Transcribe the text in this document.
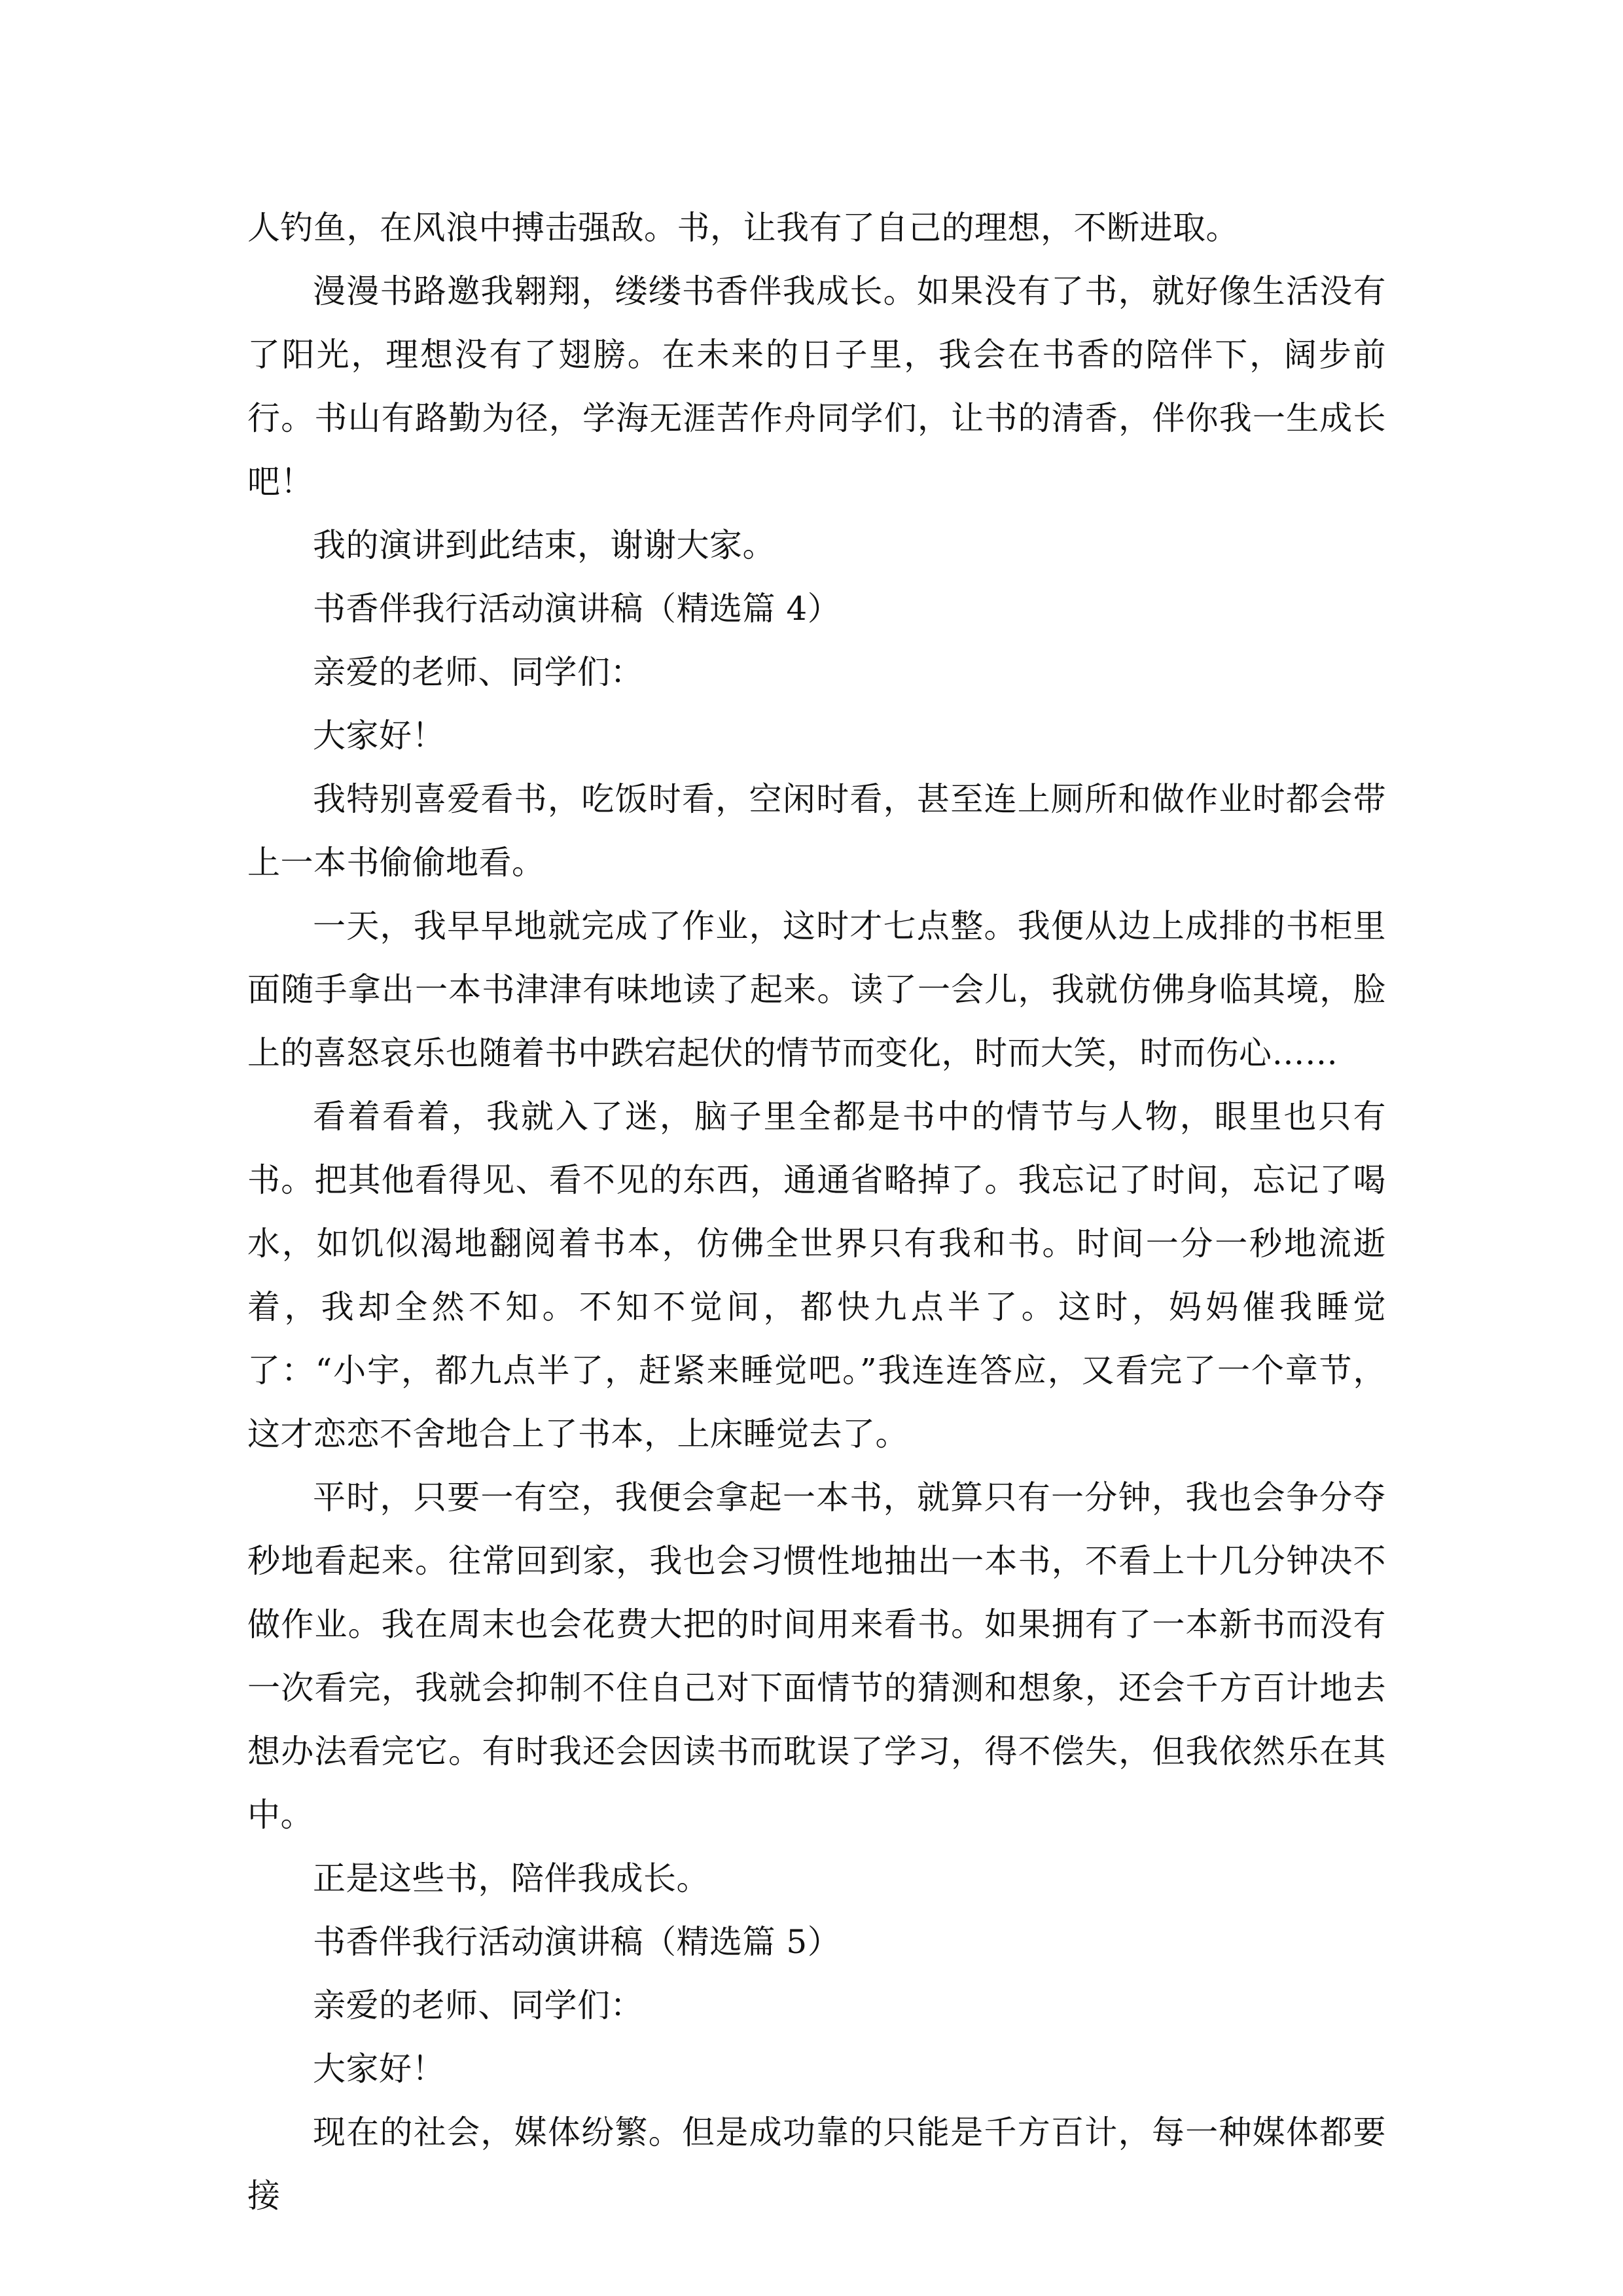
人钓鱼，在风浪中搏击强敌。书，让我有了自己的理想，不断进取。

漫漫书路邀我翱翔，缕缕书香伴我成长。如果没有了书，就好像生活没有了阳光，理想没有了翅膀。在未来的日子里，我会在书香的陪伴下，阔步前行。书山有路勤为径，学海无涯苦作舟同学们，让书的清香，伴你我一生成长吧！

我的演讲到此结束，谢谢大家。

书香伴我行活动演讲稿（精选篇 4）

亲爱的老师、同学们：

大家好！

我特别喜爱看书，吃饭时看，空闲时看，甚至连上厕所和做作业时都会带上一本书偷偷地看。

一天，我早早地就完成了作业，这时才七点整。我便从边上成排的书柜里面随手拿出一本书津津有味地读了起来。读了一会儿，我就仿佛身临其境，脸上的喜怒哀乐也随着书中跌宕起伏的情节而变化，时而大笑，时而伤心……

看着看着，我就入了迷，脑子里全都是书中的情节与人物，眼里也只有书。把其他看得见、看不见的东西，通通省略掉了。我忘记了时间，忘记了喝水，如饥似渴地翻阅着书本，仿佛全世界只有我和书。时间一分一秒地流逝着，我却全然不知。不知不觉间，都快九点半了。这时，妈妈催我睡觉了：“小宇，都九点半了，赶紧来睡觉吧。”我连连答应，又看完了一个章节，这才恋恋不舍地合上了书本，上床睡觉去了。

平时，只要一有空，我便会拿起一本书，就算只有一分钟，我也会争分夺秒地看起来。往常回到家，我也会习惯性地抽出一本书，不看上十几分钟决不做作业。我在周末也会花费大把的时间用来看书。如果拥有了一本新书而没有一次看完，我就会抑制不住自己对下面情节的猜测和想象，还会千方百计地去想办法看完它。有时我还会因读书而耽误了学习，得不偿失，但我依然乐在其中。

正是这些书，陪伴我成长。

书香伴我行活动演讲稿（精选篇 5）

亲爱的老师、同学们：

大家好！

现在的社会，媒体纷繁。但是成功靠的只能是千方百计，每一种媒体都要接
